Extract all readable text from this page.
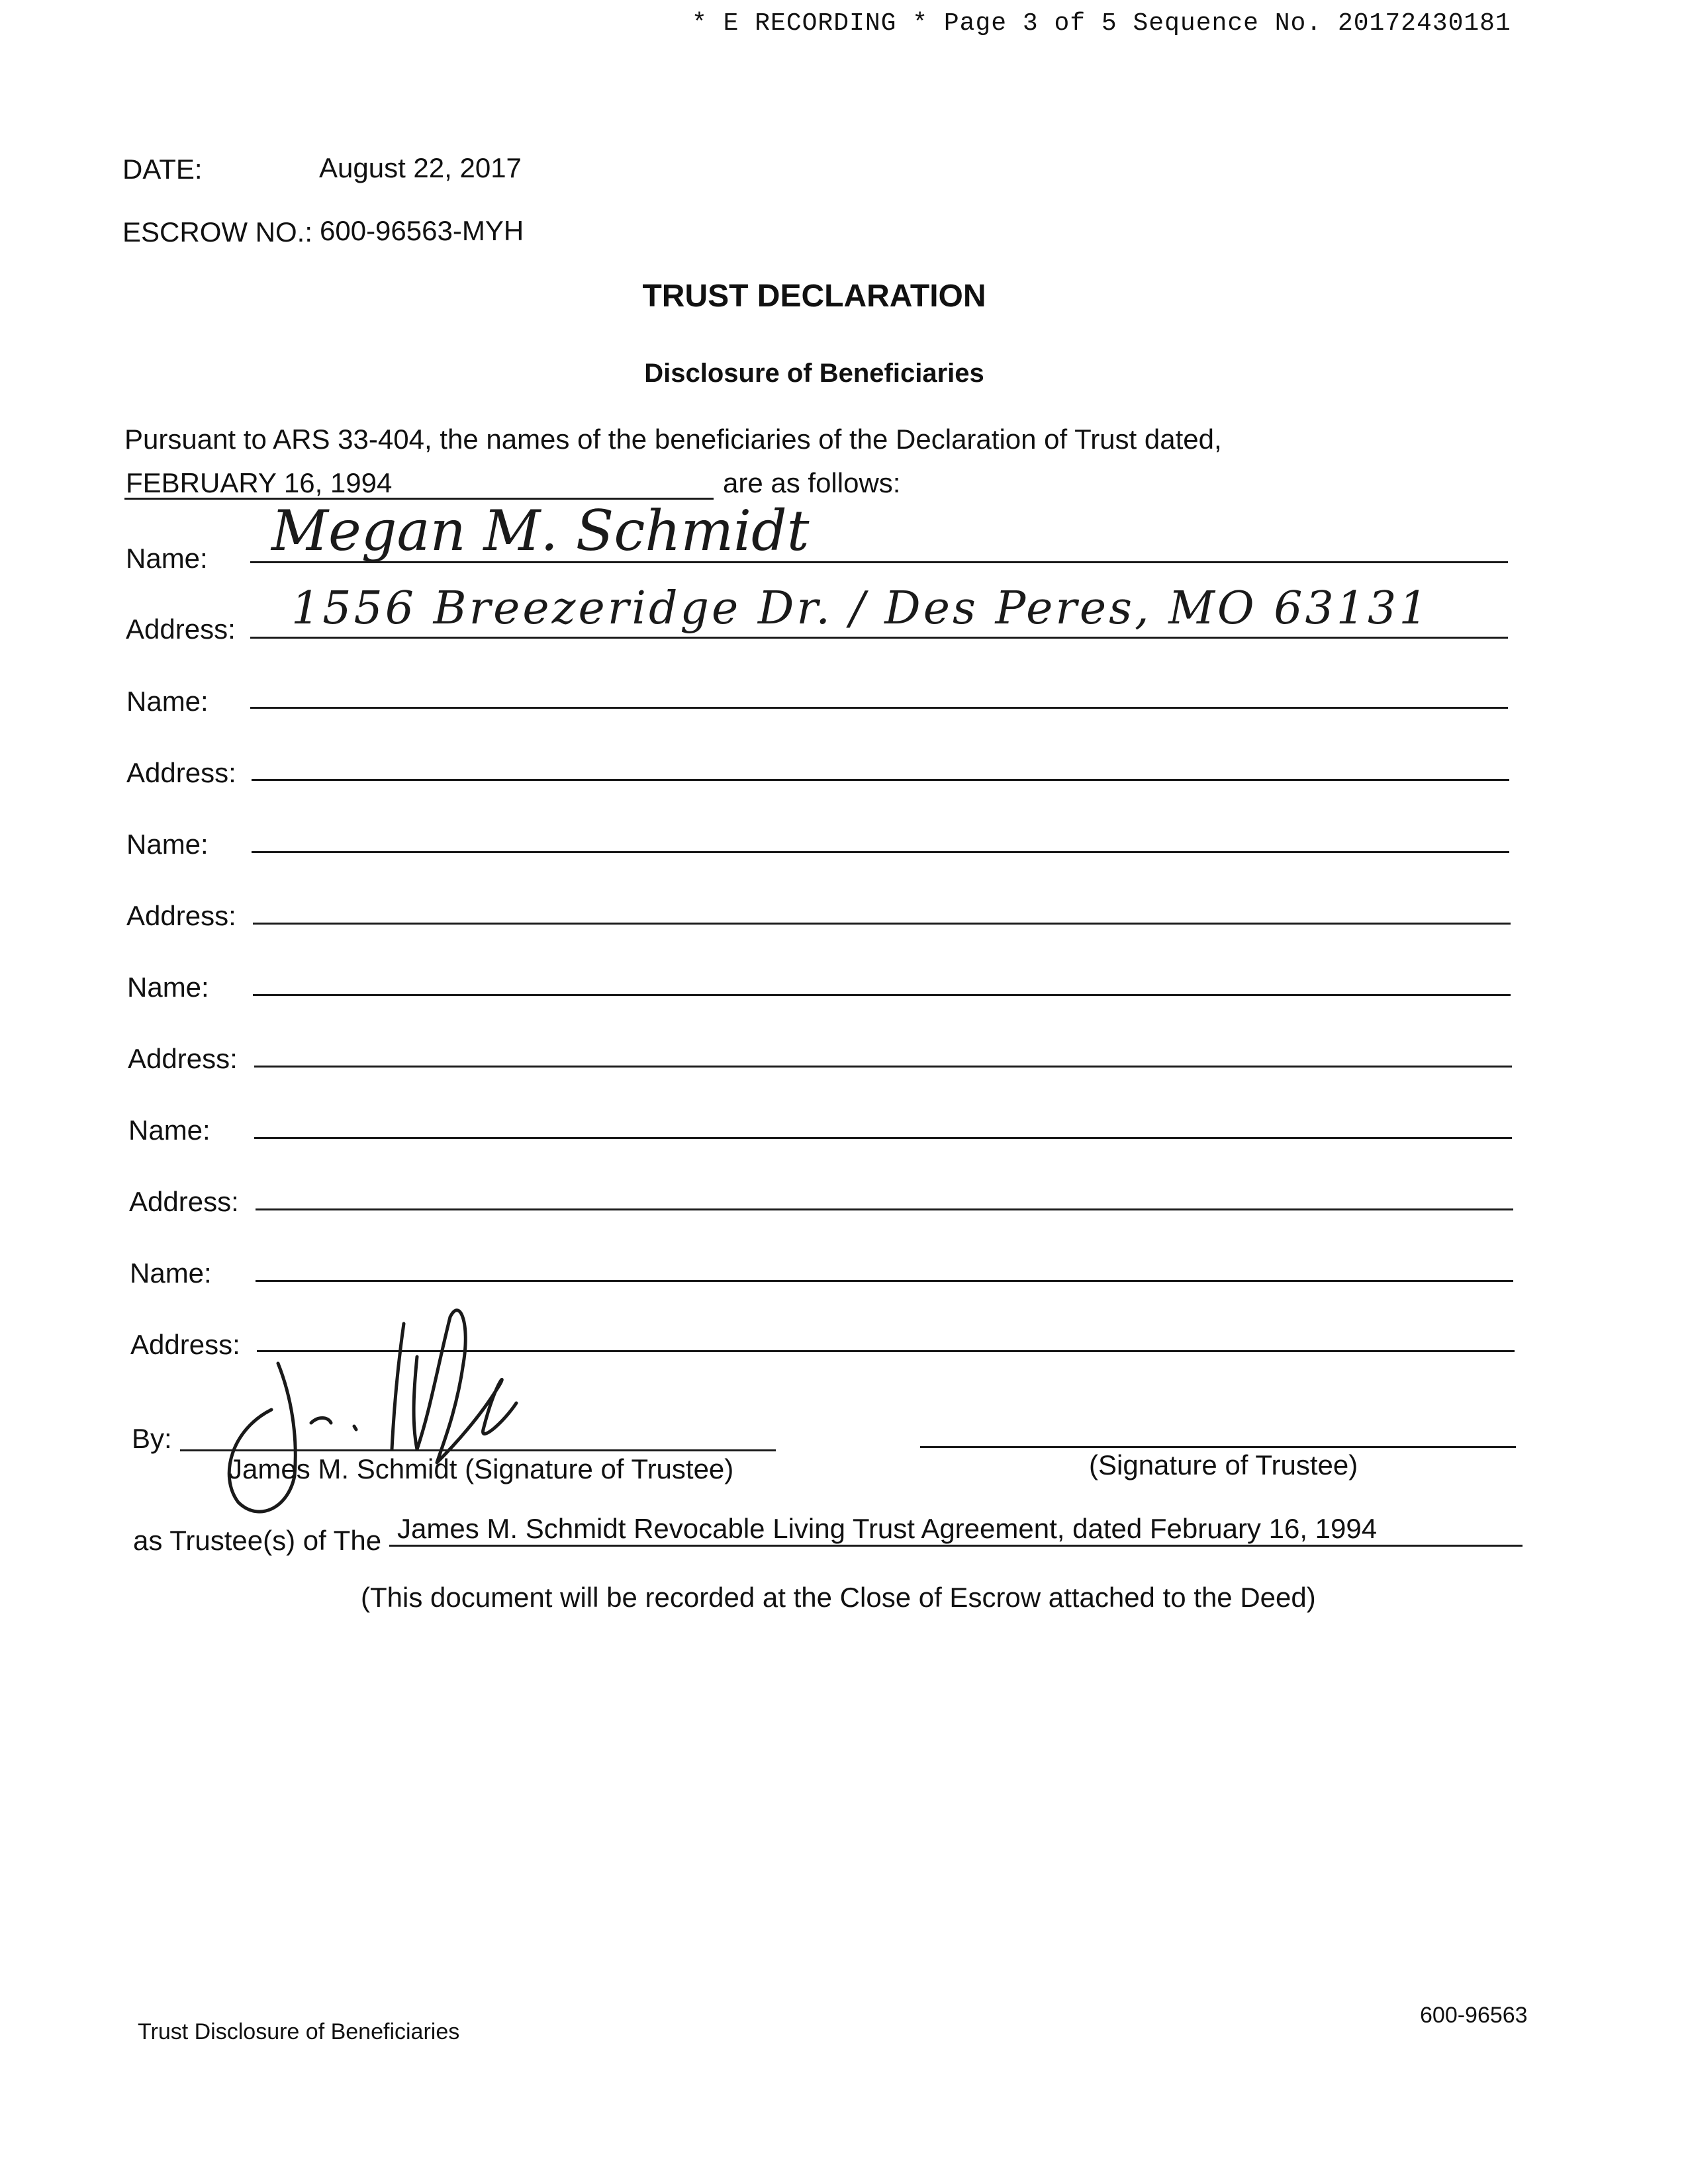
* E RECORDING * Page 3 of 5 Sequence No. 20172430181
DATE:	August 22, 2017
ESCROW NO.: 600-96563-MYH
TRUST DECLARATION
Disclosure of Beneficiaries
Pursuant to ARS 33-404, the names of the beneficiaries of the Declaration of Trust dated,
FEBRUARY 16, 1994	are as follows:
Name: Megan M. Schmidt
Address: 1556 Breezeridge Dr. / Des Peres, MO 63131
Name:
Address:
Name:
Address:
Name:
Address:
Name:
Address:
Name:
Address:
By:
James M. Schmidt (Signature of Trustee)	(Signature of Trustee)
as Trustee(s) of The James M. Schmidt Revocable Living Trust Agreement, dated February 16, 1994
(This document will be recorded at the Close of Escrow attached to the Deed)
Trust Disclosure of Beneficiaries
600-96563
